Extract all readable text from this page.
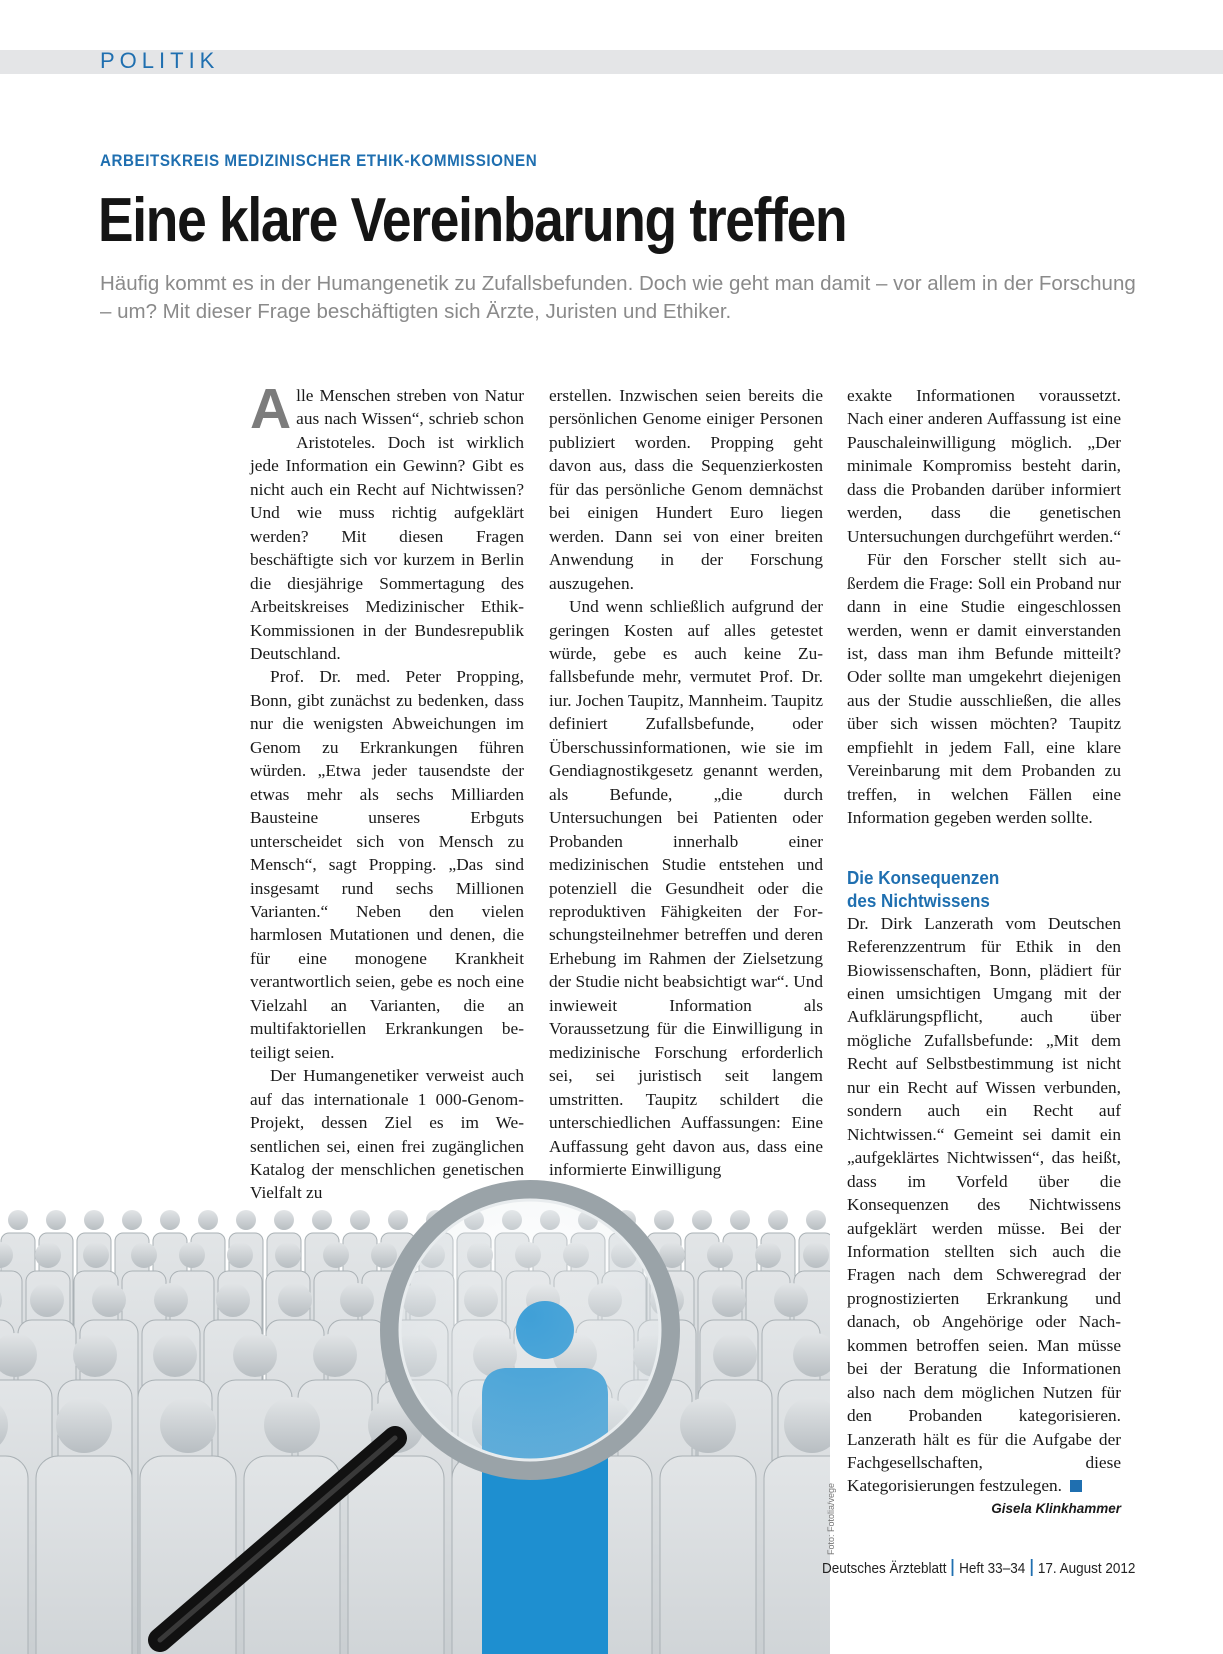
POLITIK
ARBEITSKREIS MEDIZINISCHER ETHIK-KOMMISSIONEN
Eine klare Vereinbarung treffen

Häufig kommt es in der Humangenetik zu Zufallsbefunden. Doch wie geht man damit – vor allem in der Forschung – um? Mit dieser Frage beschäftigten sich Ärzte, Juristen und Ethiker.

Foto: Fotolia/vege

Alle Menschen streben von Natur aus nach Wissen“, schrieb schon Aristoteles. Doch ist wirklich jede Information ein Gewinn? Gibt es nicht auch ein Recht auf Nichtwissen? Und wie muss richtig aufgeklärt werden? Mit diesen Fragen beschäftigte sich vor kurzem in Berlin die diesjährige Sommertagung des Arbeitskreises Medizinischer Ethik-Kommissionen in der Bundesrepublik Deutschland.

Prof. Dr. med. Peter Propping, Bonn, gibt zunächst zu bedenken, dass nur die wenigsten Abweichungen im Genom zu Erkrankungen führen würden. „Etwa jeder tausendste der etwas mehr als sechs Milliarden Bausteine unseres Erbguts unterscheidet sich von Mensch zu Mensch“, sagt Propping. „Das sind insgesamt rund sechs Millionen Varianten.“ Neben den vielen harmlosen Mutationen und denen, die für eine monogene Krankheit verantwortlich seien, gebe es noch eine Vielzahl an Varianten, die an multifaktoriellen Erkrankungen beteiligt seien.

Der Humangenetiker verweist auch auf das internationale 1 000-Genom-Projekt, dessen Ziel es im Wesentlichen sei, einen frei zugänglichen Katalog der menschlichen genetischen Vielfalt zu

erstellen. Inzwischen seien bereits die persönlichen Genome einiger Personen publiziert worden. Propping geht davon aus, dass die Sequenzierkosten für das persönliche Genom demnächst bei einigen Hundert Euro liegen werden. Dann sei von einer breiten Anwendung in der Forschung auszugehen.

Und wenn schließlich aufgrund der geringen Kosten auf alles getestet würde, gebe es auch keine Zufallsbefunde mehr, vermutet Prof. Dr. iur. Jochen Taupitz, Mannheim. Taupitz definiert Zufallsbefunde, oder Überschussinformationen, wie sie im Gendiagnostikgesetz genannt werden, als Befunde, „die durch Untersuchungen bei Patienten oder Probanden innerhalb einer medizinischen Studie entstehen und potenziell die Gesundheit oder die reproduktiven Fähigkeiten der Forschungsteilnehmer betreffen und deren Erhebung im Rahmen der Zielsetzung der Studie nicht beabsichtigt war“. Und inwieweit Information als Voraussetzung für die Einwilligung in medizinische Forschung erforderlich sei, sei juristisch seit langem umstritten. Taupitz schildert die unterschiedlichen Auffassungen: Eine Auffassung geht davon aus, dass eine informierte Einwilligung

exakte Informationen voraussetzt. Nach einer anderen Auffassung ist eine Pauschaleinwilligung möglich. „Der minimale Kompromiss besteht darin, dass die Probanden darüber informiert werden, dass die genetischen Untersuchungen durchgeführt werden.“

Für den Forscher stellt sich außerdem die Frage: Soll ein Proband nur dann in eine Studie eingeschlossen werden, wenn er damit einverstanden ist, dass man ihm Befunde mitteilt? Oder sollte man umgekehrt diejenigen aus der Studie ausschließen, die alles über sich wissen möchten? Taupitz empfiehlt in jedem Fall, eine klare Vereinbarung mit dem Probanden zu treffen, in welchen Fällen eine Information gegeben werden sollte.

Die Konsequenzen
des Nichtwissens

Dr. Dirk Lanzerath vom Deutschen Referenzzentrum für Ethik in den Biowissenschaften, Bonn, plädiert für einen umsichtigen Umgang mit der Aufklärungspflicht, auch über mögliche Zufallsbefunde: „Mit dem Recht auf Selbstbestimmung ist nicht nur ein Recht auf Wissen verbunden, sondern auch ein Recht auf Nichtwissen.“ Gemeint sei damit ein „aufgeklärtes Nichtwissen“, das heißt, dass im Vorfeld über die Konsequenzen des Nichtwissens aufgeklärt werden müsse. Bei der Information stellten sich auch die Fragen nach dem Schweregrad der prognostizierten Erkrankung und danach, ob Angehörige oder Nachkommen betroffen seien. Man müsse bei der Beratung die Informationen also nach dem möglichen Nutzen für den Probanden kategorisieren. Lanzerath hält es für die Aufgabe der Fachgesellschaften, diese Kategorisierungen festzulegen.

Gisela Klinkhammer
Deutsches Ärzteblatt Heft 33–34 17. August 2012
